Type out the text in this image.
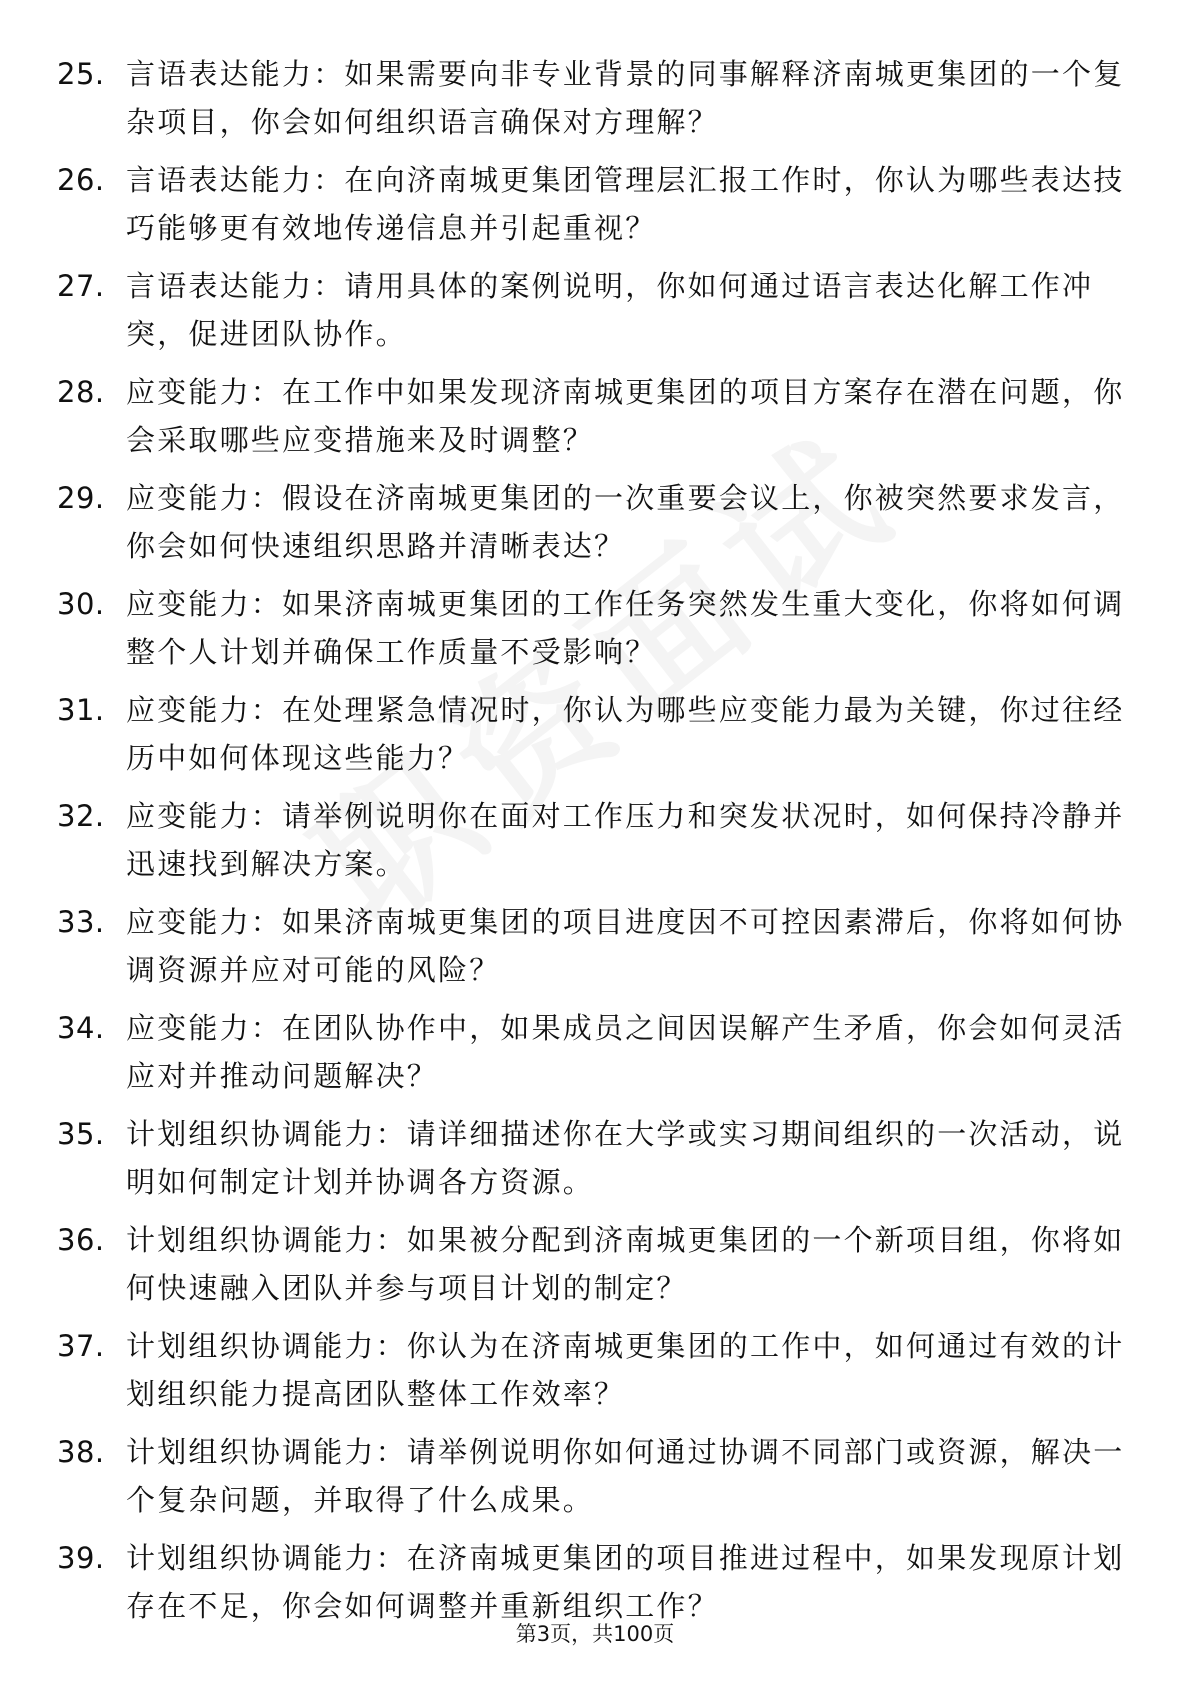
25. 言语表达能力：如果需要向非专业背景的同事解释济南城更集团的一个复杂项目，你会如何组织语言确保对方理解？
26. 言语表达能力：在向济南城更集团管理层汇报工作时，你认为哪些表达技巧能够更有效地传递信息并引起重视？
27. 言语表达能力：请用具体的案例说明，你如何通过语言表达化解工作冲突，促进团队协作。
28. 应变能力：在工作中如果发现济南城更集团的项目方案存在潜在问题，你会采取哪些应变措施来及时调整？
29. 应变能力：假设在济南城更集团的一次重要会议上，你被突然要求发言，你会如何快速组织思路并清晰表达？
30. 应变能力：如果济南城更集团的工作任务突然发生重大变化，你将如何调整个人计划并确保工作质量不受影响？
31. 应变能力：在处理紧急情况时，你认为哪些应变能力最为关键，你过往经历中如何体现这些能力？
32. 应变能力：请举例说明你在面对工作压力和突发状况时，如何保持冷静并迅速找到解决方案。
33. 应变能力：如果济南城更集团的项目进度因不可控因素滞后，你将如何协调资源并应对可能的风险？
34. 应变能力：在团队协作中，如果成员之间因误解产生矛盾，你会如何灵活应对并推动问题解决？
35. 计划组织协调能力：请详细描述你在大学或实习期间组织的一次活动，说明如何制定计划并协调各方资源。
36. 计划组织协调能力：如果被分配到济南城更集团的一个新项目组，你将如何快速融入团队并参与项目计划的制定？
37. 计划组织协调能力：你认为在济南城更集团的工作中，如何通过有效的计划组织能力提高团队整体工作效率？
38. 计划组织协调能力：请举例说明你如何通过协调不同部门或资源，解决一个复杂问题，并取得了什么成果。
39. 计划组织协调能力：在济南城更集团的项目推进过程中，如果发现原计划存在不足，你会如何调整并重新组织工作？
第3页，共100页
